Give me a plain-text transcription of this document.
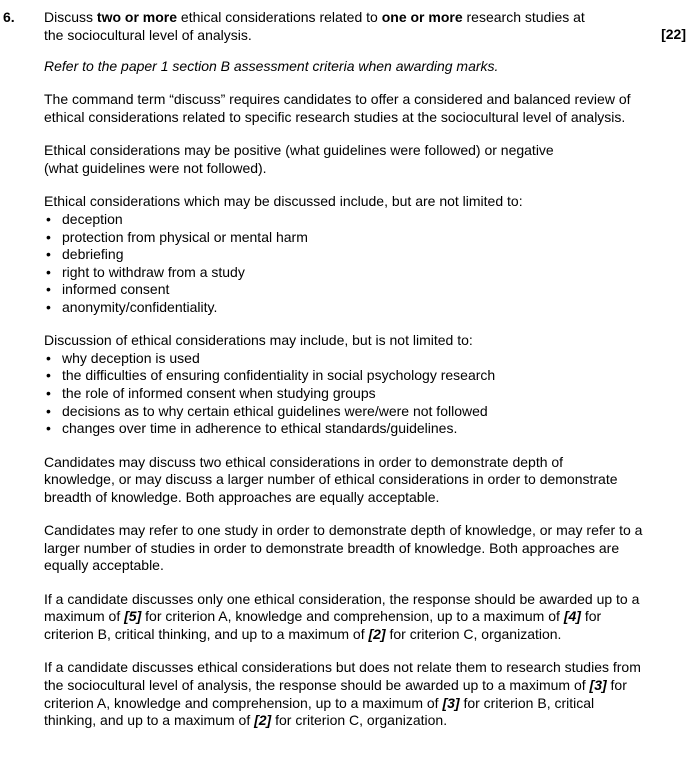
6.
[22]

Discuss two or more ethical considerations related to one or more research studies at the sociocultural level of analysis.

Refer to the paper 1 section B assessment criteria when awarding marks.

The command term “discuss” requires candidates to offer a considered and balanced review of ethical considerations related to specific research studies at the sociocultural level of analysis.

Ethical considerations may be positive (what guidelines were followed) or negative (what guidelines were not followed).

Ethical considerations which may be discussed include, but are not limited to:

• deception
• protection from physical or mental harm
• debriefing
• right to withdraw from a study
• informed consent
• anonymity/confidentiality.

Discussion of ethical considerations may include, but is not limited to:

• why deception is used
• the difficulties of ensuring confidentiality in social psychology research
• the role of informed consent when studying groups
• decisions as to why certain ethical guidelines were/were not followed
• changes over time in adherence to ethical standards/guidelines.

Candidates may discuss two ethical considerations in order to demonstrate depth of knowledge, or may discuss a larger number of ethical considerations in order to demonstrate breadth of knowledge. Both approaches are equally acceptable.

Candidates may refer to one study in order to demonstrate depth of knowledge, or may refer to a larger number of studies in order to demonstrate breadth of knowledge. Both approaches are equally acceptable.

If a candidate discusses only one ethical consideration, the response should be awarded up to a maximum of [5] for criterion A, knowledge and comprehension, up to a maximum of [4] for criterion B, critical thinking, and up to a maximum of [2] for criterion C, organization.

If a candidate discusses ethical considerations but does not relate them to research studies from the sociocultural level of analysis, the response should be awarded up to a maximum of [3] for criterion A, knowledge and comprehension, up to a maximum of [3] for criterion B, critical thinking, and up to a maximum of [2] for criterion C, organization.
